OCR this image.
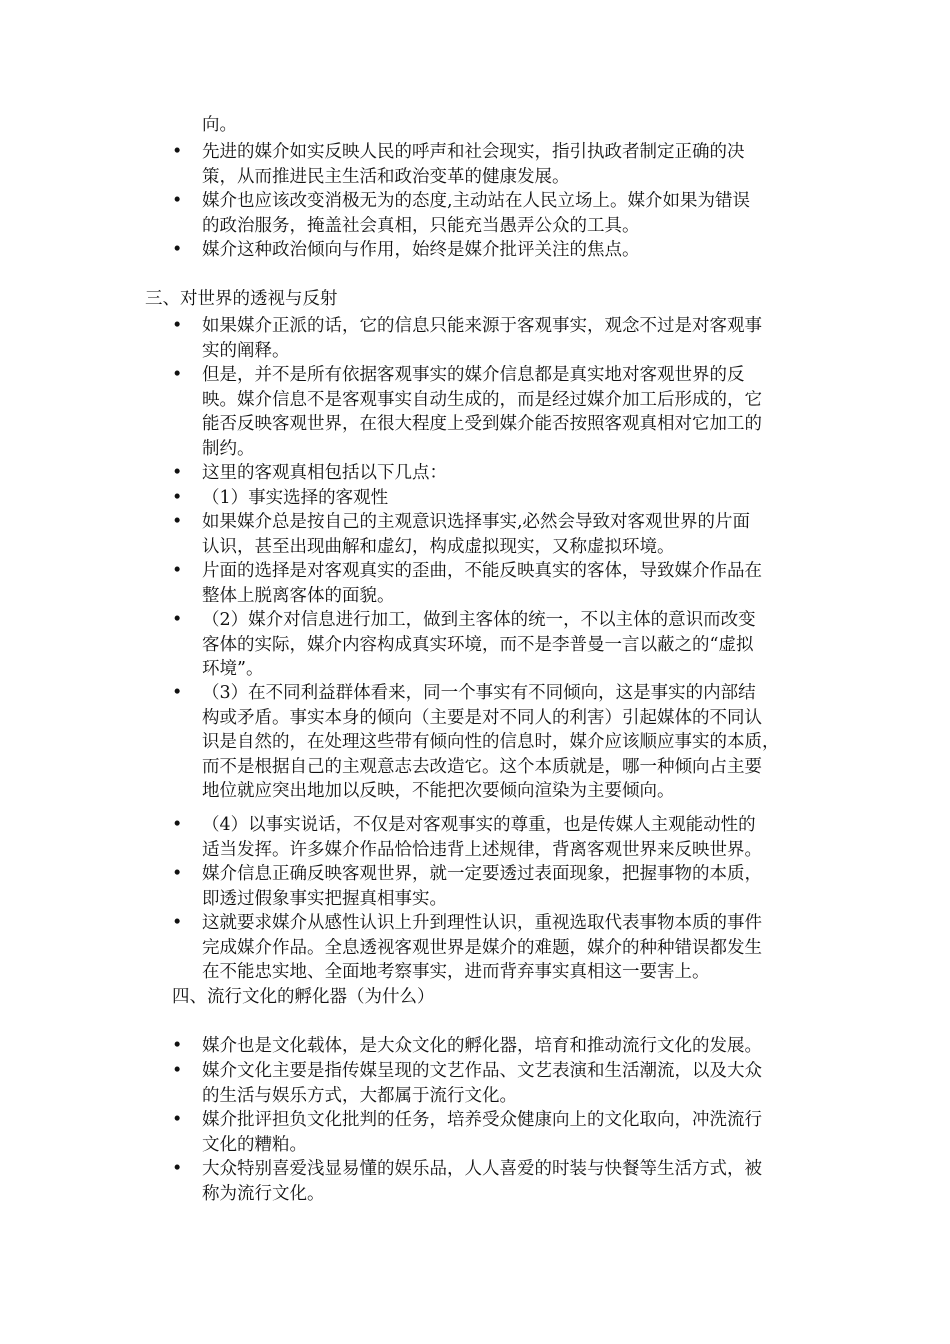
向。
• 先进的媒介如实反映人民的呼声和社会现实，指引执政者制定正确的决
策，从而推进民主生活和政治变革的健康发展。
• 媒介也应该改变消极无为的态度,主动站在人民立场上。媒介如果为错误
的政治服务，掩盖社会真相，只能充当愚弄公众的工具。
• 媒介这种政治倾向与作用，始终是媒介批评关注的焦点。
三、对世界的透视与反射
• 如果媒介正派的话，它的信息只能来源于客观事实，观念不过是对客观事
实的阐释。
• 但是，并不是所有依据客观事实的媒介信息都是真实地对客观世界的反
映。媒介信息不是客观事实自动生成的，而是经过媒介加工后形成的，它
能否反映客观世界，在很大程度上受到媒介能否按照客观真相对它加工的
制约。
• 这里的客观真相包括以下几点：
• （1）事实选择的客观性
• 如果媒介总是按自己的主观意识选择事实,必然会导致对客观世界的片面
认识，甚至出现曲解和虚幻，构成虚拟现实，又称虚拟环境。
• 片面的选择是对客观真实的歪曲，不能反映真实的客体，导致媒介作品在
整体上脱离客体的面貌。
• （2）媒介对信息进行加工，做到主客体的统一，不以主体的意识而改变
客体的实际，媒介内容构成真实环境，而不是李普曼一言以蔽之的“虚拟
环境”。
• （3）在不同利益群体看来，同一个事实有不同倾向，这是事实的内部结
构或矛盾。事实本身的倾向（主要是对不同人的利害）引起媒体的不同认
识是自然的，在处理这些带有倾向性的信息时，媒介应该顺应事实的本质，
而不是根据自己的主观意志去改造它。这个本质就是，哪一种倾向占主要
地位就应突出地加以反映，不能把次要倾向渲染为主要倾向。
• （4）以事实说话，不仅是对客观事实的尊重，也是传媒人主观能动性的
适当发挥。许多媒介作品恰恰违背上述规律，背离客观世界来反映世界。
• 媒介信息正确反映客观世界，就一定要透过表面现象，把握事物的本质，
即透过假象事实把握真相事实。
• 这就要求媒介从感性认识上升到理性认识，重视选取代表事物本质的事件
完成媒介作品。全息透视客观世界是媒介的难题，媒介的种种错误都发生
在不能忠实地、全面地考察事实，进而背弃事实真相这一要害上。
四、流行文化的孵化器（为什么）
• 媒介也是文化载体，是大众文化的孵化器，培育和推动流行文化的发展。
• 媒介文化主要是指传媒呈现的文艺作品、文艺表演和生活潮流，以及大众
的生活与娱乐方式，大都属于流行文化。
• 媒介批评担负文化批判的任务，培养受众健康向上的文化取向，冲洗流行
文化的糟粕。
• 大众特别喜爱浅显易懂的娱乐品，人人喜爱的时装与快餐等生活方式，被
称为流行文化。
